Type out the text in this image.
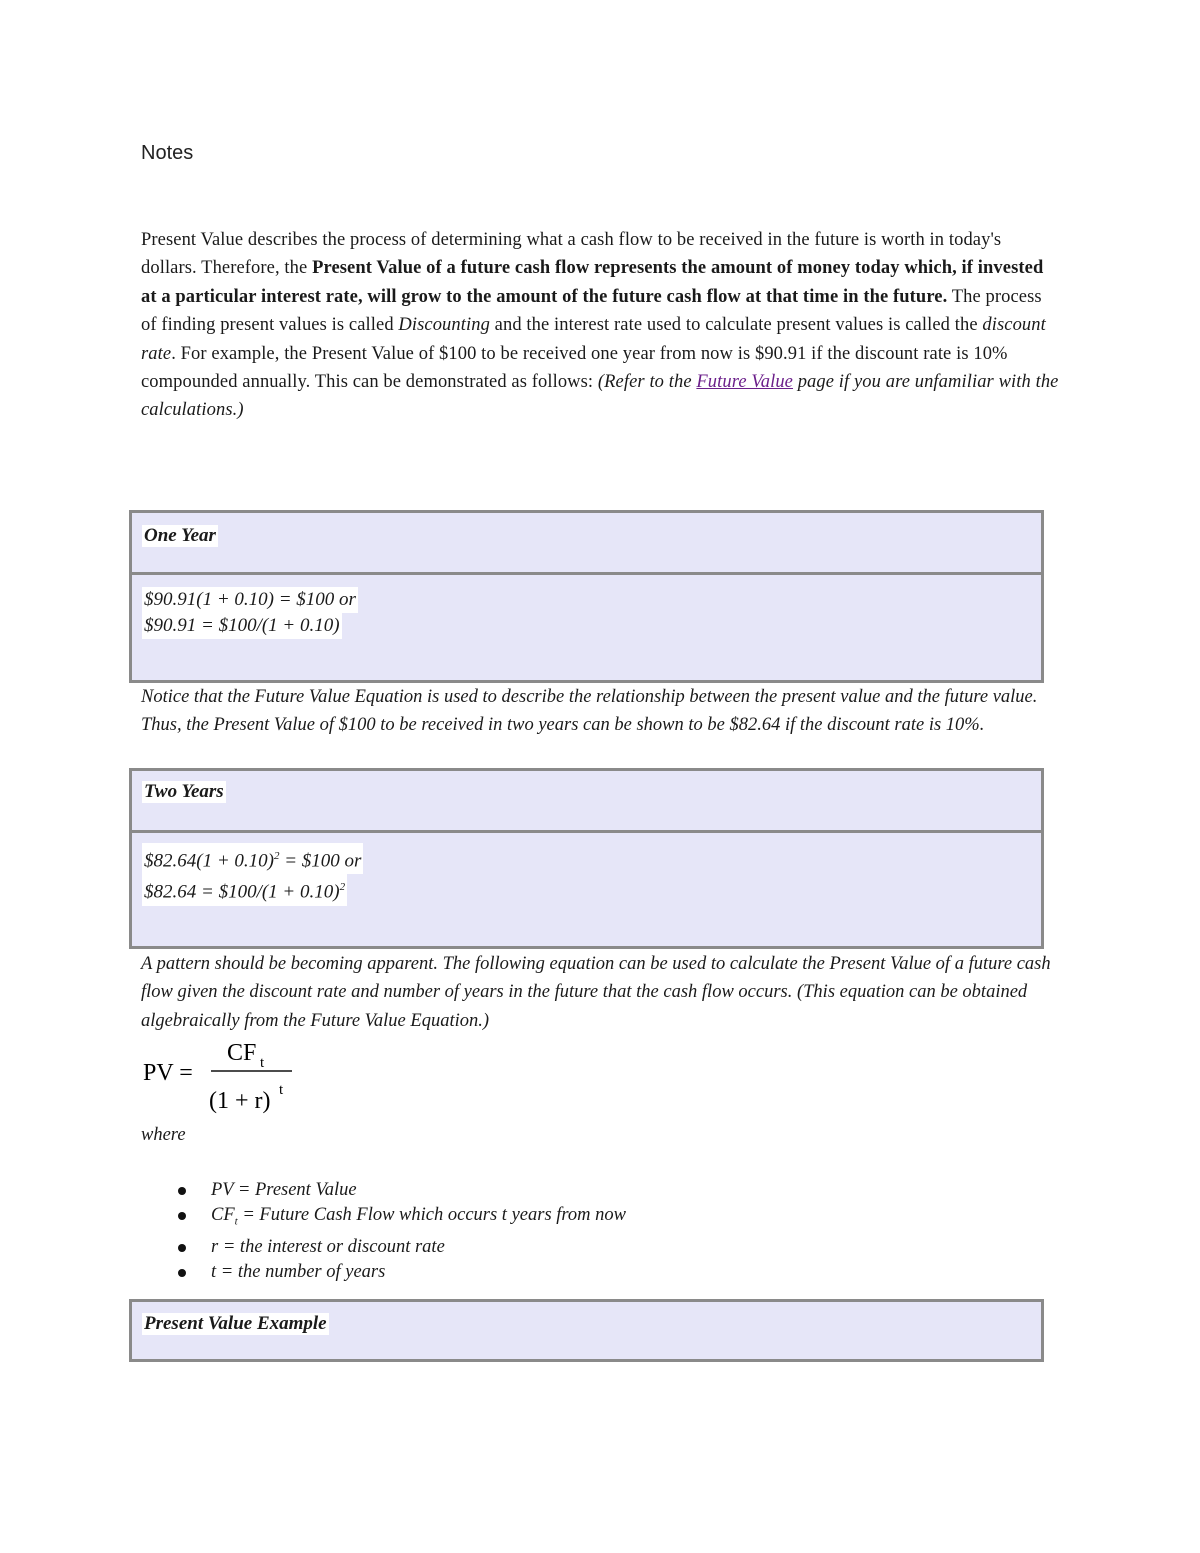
Notes
Present Value describes the process of determining what a cash flow to be received in the future is worth in today's dollars. Therefore, the Present Value of a future cash flow represents the amount of money today which, if invested at a particular interest rate, will grow to the amount of the future cash flow at that time in the future. The process of finding present values is called Discounting and the interest rate used to calculate present values is called the discount rate. For example, the Present Value of $100 to be received one year from now is $90.91 if the discount rate is 10% compounded annually. This can be demonstrated as follows: (Refer to the Future Value page if you are unfamiliar with the calculations.)
One Year
$90.91(1 + 0.10) = $100 or
$90.91 = $100/(1 + 0.10)
Notice that the Future Value Equation is used to describe the relationship between the present value and the future value. Thus, the Present Value of $100 to be received in two years can be shown to be $82.64 if the discount rate is 10%.
Two Years
$82.64(1 + 0.10)$^2$ = $100 or
$82.64 = $100/(1 + 0.10)$^2$
A pattern should be becoming apparent. The following equation can be used to calculate the Present Value of a future cash flow given the discount rate and number of years in the future that the cash flow occurs. (This equation can be obtained algebraically from the Future Value Equation.)
PV =
CF t
(1 + r) t
where
PV = Present Value
$CF_t$ = Future Cash Flow which occurs t years from now
r = the interest or discount rate
t = the number of years
Present Value Example
